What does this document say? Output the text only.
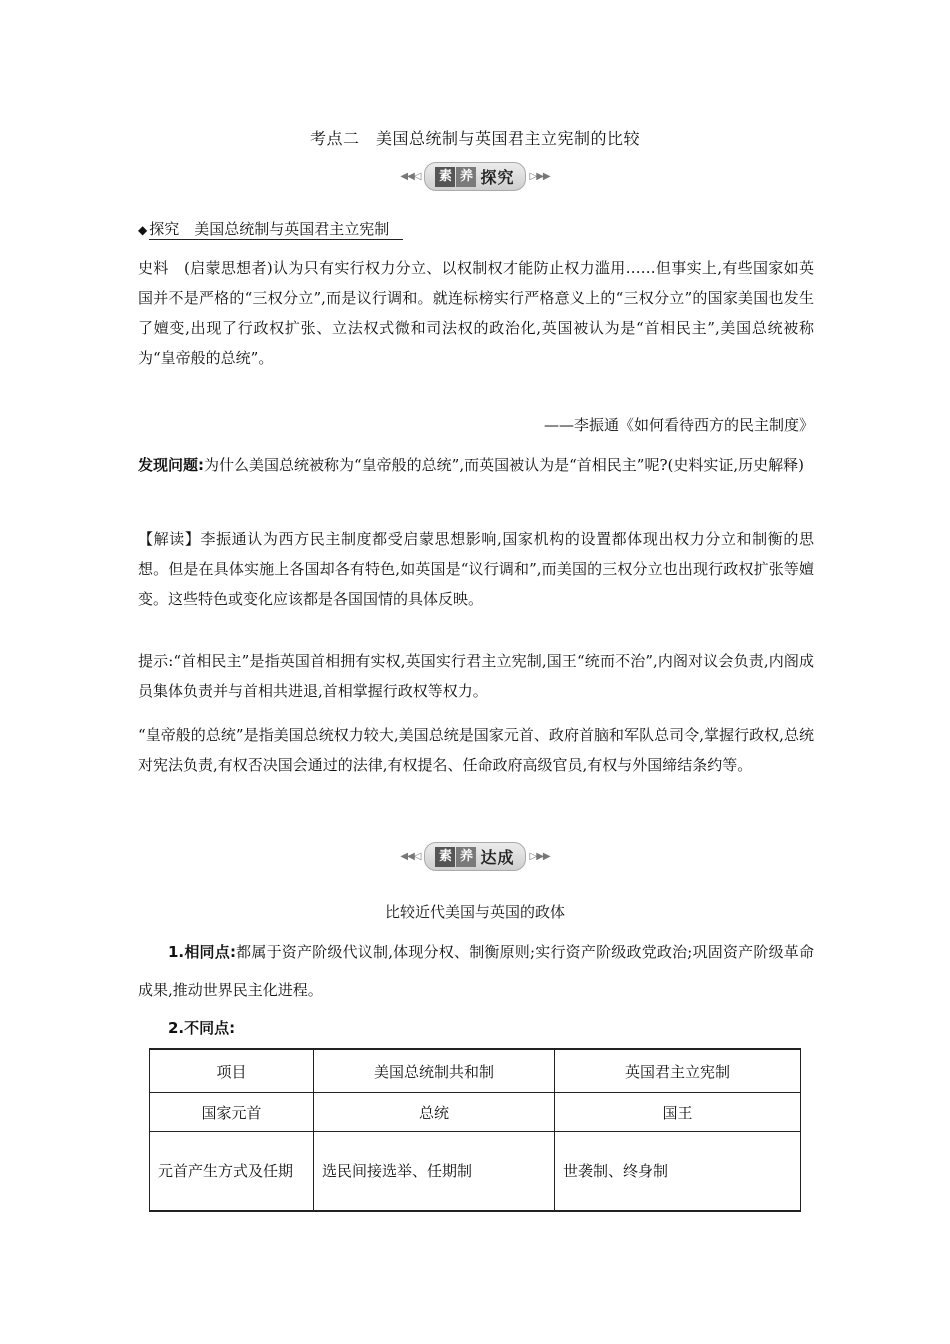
考点二　美国总统制与英国君主立宪制的比较
◀◀◁ 素 养 探究 ▷▶▶
◆ 探究　美国总统制与英国君主立宪制
史料　(启蒙思想者)认为只有实行权力分立、以权制权才能防止权力滥用……但事实上,有些国家如英国并不是严格的“三权分立”,而是议行调和。就连标榜实行严格意义上的“三权分立”的国家美国也发生了嬗变,出现了行政权扩张、立法权式微和司法权的政治化,英国被认为是“首相民主”,美国总统被称为“皇帝般的总统”。
——李振通《如何看待西方的民主制度》
发现问题:为什么美国总统被称为“皇帝般的总统”,而英国被认为是“首相民主”呢?(史料实证,历史解释)
【解读】李振通认为西方民主制度都受启蒙思想影响,国家机构的设置都体现出权力分立和制衡的思想。但是在具体实施上各国却各有特色,如英国是“议行调和”,而美国的三权分立也出现行政权扩张等嬗变。这些特色或变化应该都是各国国情的具体反映。
提示:“首相民主”是指英国首相拥有实权,英国实行君主立宪制,国王“统而不治”,内阁对议会负责,内阁成员集体负责并与首相共进退,首相掌握行政权等权力。
“皇帝般的总统”是指美国总统权力较大,美国总统是国家元首、政府首脑和军队总司令,掌握行政权,总统对宪法负责,有权否决国会通过的法律,有权提名、任命政府高级官员,有权与外国缔结条约等。
◀◀◁ 素 养 达成 ▷▶▶
比较近代美国与英国的政体
1.相同点:都属于资产阶级代议制,体现分权、制衡原则;实行资产阶级政党政治;巩固资产阶级革命成果,推动世界民主化进程。
2.不同点:
项目	美国总统制共和制	英国君主立宪制
国家元首	总统	国王
元首产生方式及任期	选民间接选举、任期制	世袭制、终身制
